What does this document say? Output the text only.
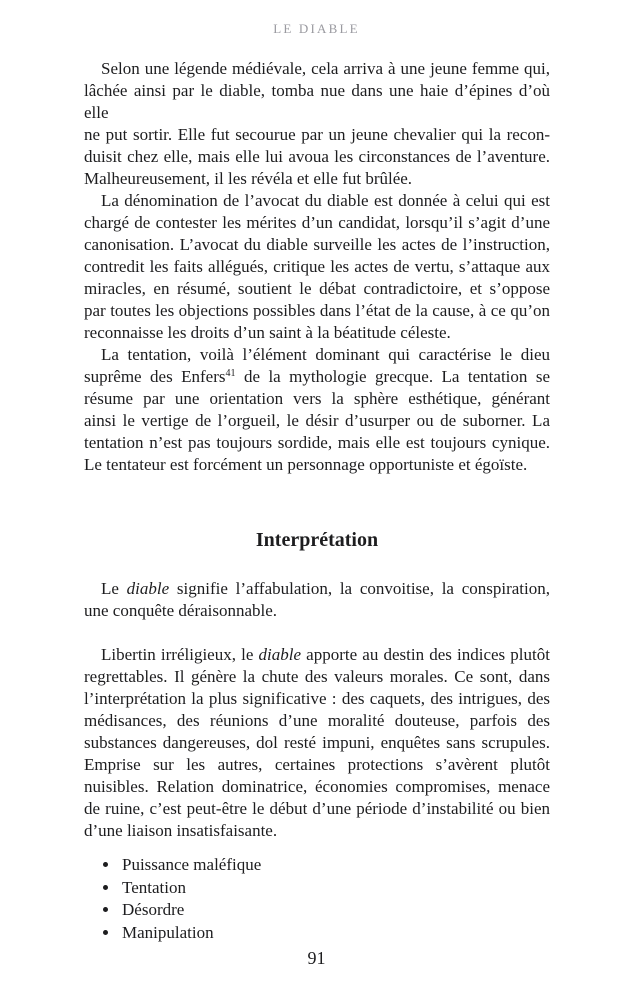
LE DIABLE

Selon une légende médiévale, cela arriva à une jeune femme qui,
lâchée ainsi par le diable, tomba nue dans une haie d’épines d’où elle
ne put sortir. Elle fut secourue par un jeune chevalier qui la recon-
duisit chez elle, mais elle lui avoua les circonstances de l’aventure.
Malheureusement, il les révéla et elle fut brûlée.

La dénomination de l’avocat du diable est donnée à celui qui est
chargé de contester les mérites d’un candidat, lorsqu’il s’agit d’une
canonisation. L’avocat du diable surveille les actes de l’instruction,
contredit les faits allégués, critique les actes de vertu, s’attaque aux
miracles, en résumé, soutient le débat contradictoire, et s’oppose
par toutes les objections possibles dans l’état de la cause, à ce qu’on
reconnaisse les droits d’un saint à la béatitude céleste.

La tentation, voilà l’élément dominant qui caractérise le dieu
suprême des Enfers$^{41}$ de la mythologie grecque. La tentation se
résume par une orientation vers la sphère esthétique, générant
ainsi le vertige de l’orgueil, le désir d’usurper ou de suborner. La
tentation n’est pas toujours sordide, mais elle est toujours cynique.
Le tentateur est forcément un personnage opportuniste et égoïste.

Interprétation

Le diable signifie l’affabulation, la convoitise, la conspiration,
une conquête déraisonnable.

Libertin irréligieux, le diable apporte au destin des indices plutôt
regrettables. Il génère la chute des valeurs morales. Ce sont, dans
l’interprétation la plus significative : des caquets, des intrigues, des
médisances, des réunions d’une moralité douteuse, parfois des
substances dangereuses, dol resté impuni, enquêtes sans scrupules.
Emprise sur les autres, certaines protections s’avèrent plutôt
nuisibles. Relation dominatrice, économies compromises, menace
de ruine, c’est peut-être le début d’une période d’instabilité ou bien
d’une liaison insatisfaisante.

• Puissance maléfique
• Tentation
• Désordre
• Manipulation
91
